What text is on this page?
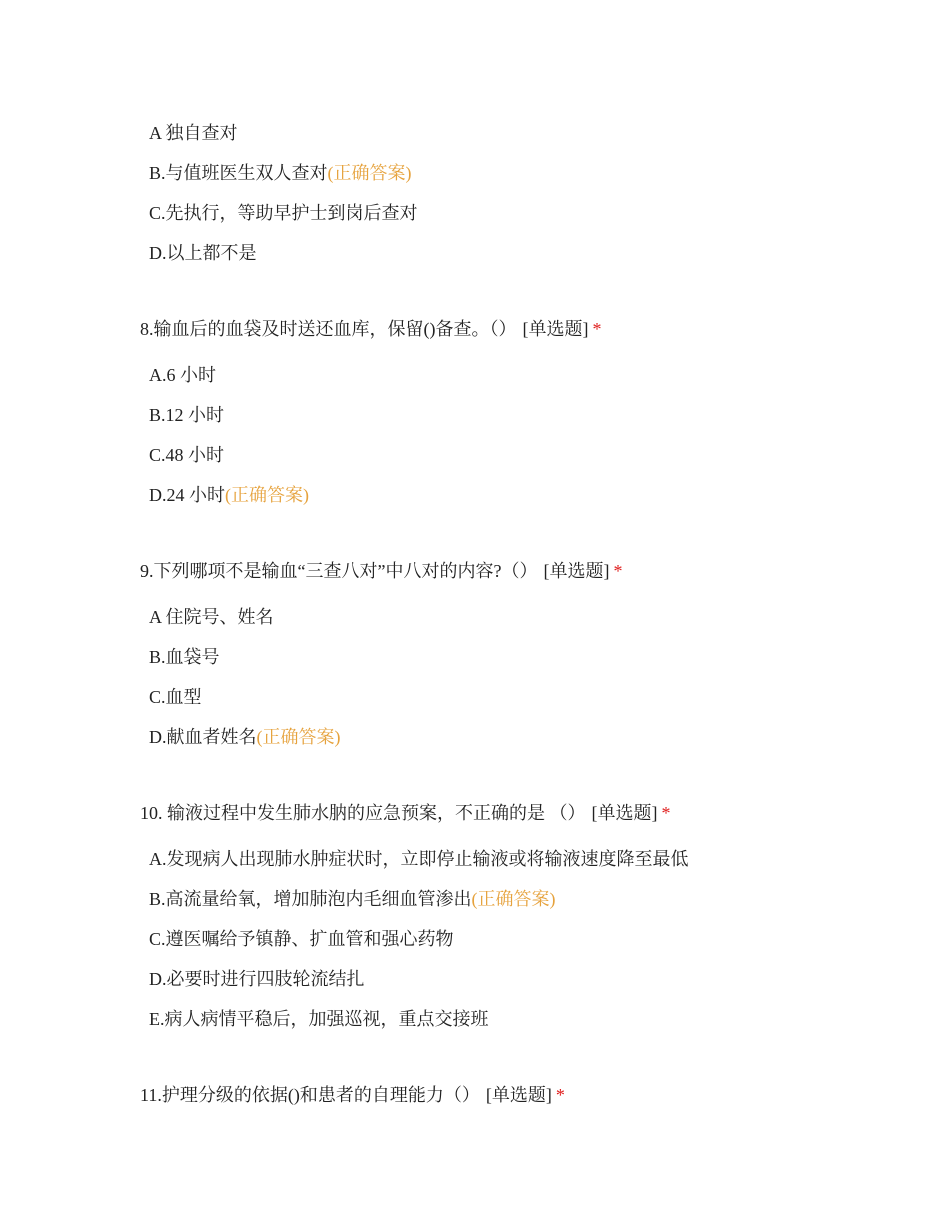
A 独自查对
B.与值班医生双人查对(正确答案)
C.先执行，等助早护士到岗后查对
D.以上都不是
8.输血后的血袋及时送还血库，保留()备查。（） [单选题] *
A.6 小时
B.12 小时
C.48 小时
D.24 小时(正确答案)
9.下列哪项不是输血“三查八对”中八对的内容?（） [单选题] *
A 住院号、姓名
B.血袋号
C.血型
D.献血者姓名(正确答案)
10. 输液过程中发生肺水肭的应急预案，不正确的是 （） [单选题] *
A.发现病人出现肺水肿症状时，立即停止输液或将输液速度降至最低
B.高流量给氧，增加肺泡内毛细血管渗出(正确答案)
C.遵医嘱给予镇静、扩血管和强心药物
D.必要时进行四肢轮流结扎
E.病人病情平稳后，加强巡视，重点交接班
11.护理分级的依据()和患者的自理能力（） [单选题] *
